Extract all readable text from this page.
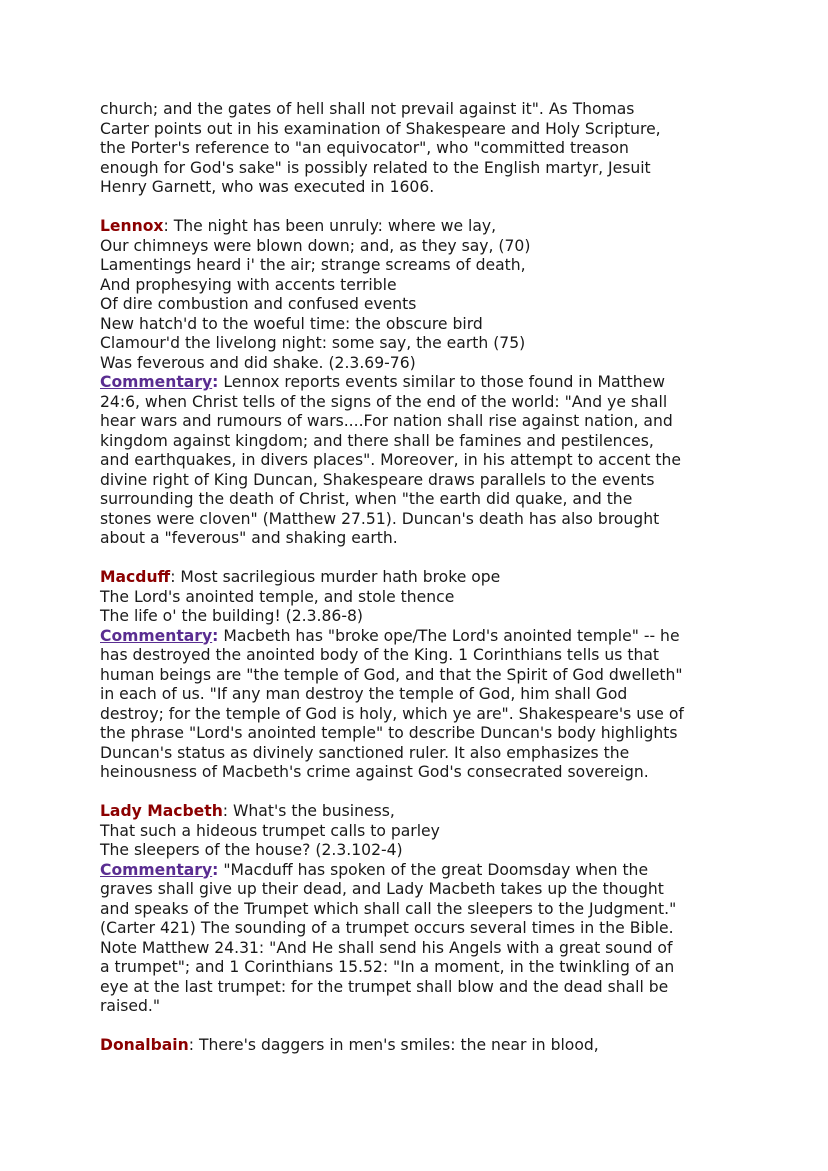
church; and the gates of hell shall not prevail against it". As Thomas

Carter points out in his examination of Shakespeare and Holy Scripture,

the Porter's reference to "an equivocator", who "committed treason

enough for God's sake" is possibly related to the English martyr, Jesuit

Henry Garnett, who was executed in 1606.

Lennox: The night has been unruly: where we lay,

Our chimneys were blown down; and, as they say, (70)

Lamentings heard i' the air; strange screams of death,

And prophesying with accents terrible

Of dire combustion and confused events

New hatch'd to the woeful time: the obscure bird

Clamour'd the livelong night: some say, the earth (75)

Was feverous and did shake. (2.3.69-76)

Commentary: Lennox reports events similar to those found in Matthew

24:6, when Christ tells of the signs of the end of the world: "And ye shall

hear wars and rumours of wars....For nation shall rise against nation, and

kingdom against kingdom; and there shall be famines and pestilences,

and earthquakes, in divers places". Moreover, in his attempt to accent the

divine right of King Duncan, Shakespeare draws parallels to the events

surrounding the death of Christ, when "the earth did quake, and the

stones were cloven" (Matthew 27.51). Duncan's death has also brought

about a "feverous" and shaking earth.

Macduff: Most sacrilegious murder hath broke ope

The Lord's anointed temple, and stole thence

The life o' the building! (2.3.86-8)

Commentary: Macbeth has "broke ope/The Lord's anointed temple" -- he

has destroyed the anointed body of the King. 1 Corinthians tells us that

human beings are "the temple of God, and that the Spirit of God dwelleth"

in each of us. "If any man destroy the temple of God, him shall God

destroy; for the temple of God is holy, which ye are". Shakespeare's use of

the phrase "Lord's anointed temple" to describe Duncan's body highlights

Duncan's status as divinely sanctioned ruler. It also emphasizes the

heinousness of Macbeth's crime against God's consecrated sovereign.

Lady Macbeth: What's the business,

That such a hideous trumpet calls to parley

The sleepers of the house? (2.3.102-4)

Commentary: "Macduff has spoken of the great Doomsday when the

graves shall give up their dead, and Lady Macbeth takes up the thought

and speaks of the Trumpet which shall call the sleepers to the Judgment."

(Carter 421) The sounding of a trumpet occurs several times in the Bible.

Note Matthew 24.31: "And He shall send his Angels with a great sound of

a trumpet"; and 1 Corinthians 15.52: "In a moment, in the twinkling of an

eye at the last trumpet: for the trumpet shall blow and the dead shall be

raised."

Donalbain: There's daggers in men's smiles: the near in blood,
